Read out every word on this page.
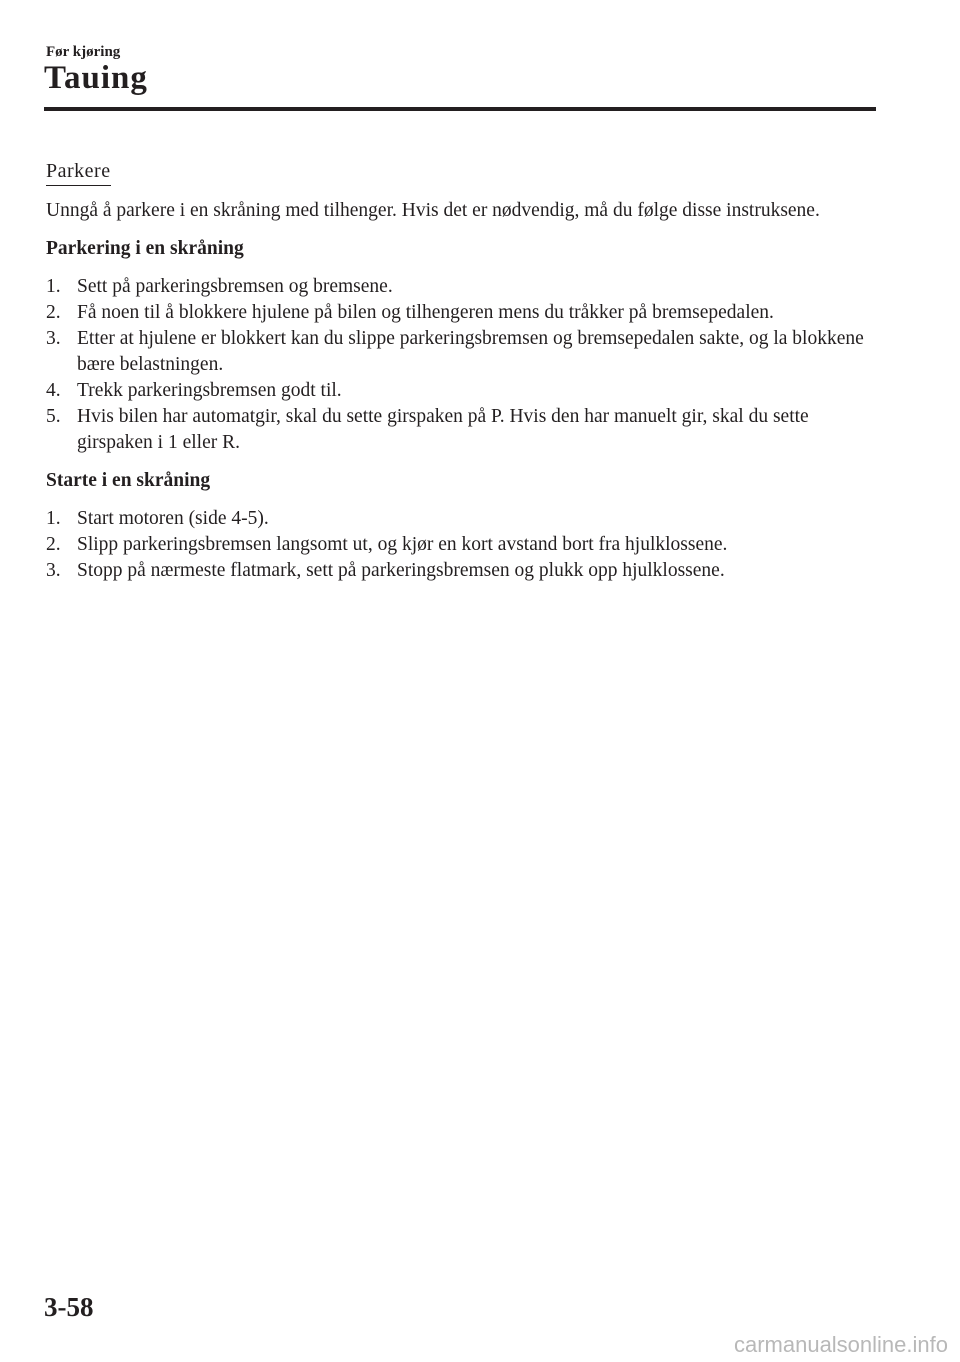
Før kjøring
Tauing
Parkere

Unngå å parkere i en skråning med tilhenger. Hvis det er nødvendig, må du følge disse instruksene.

Parkering i en skråning
1. Sett på parkeringsbremsen og bremsene.
2. Få noen til å blokkere hjulene på bilen og tilhengeren mens du tråkker på bremsepedalen.
3. Etter at hjulene er blokkert kan du slippe parkeringsbremsen og bremsepedalen sakte, og la blokkene bære belastningen.
4. Trekk parkeringsbremsen godt til.
5. Hvis bilen har automatgir, skal du sette girspaken på P. Hvis den har manuelt gir, skal du sette girspaken i 1 eller R.
Starte i en skråning
1. Start motoren (side 4-5).
2. Slipp parkeringsbremsen langsomt ut, og kjør en kort avstand bort fra hjulklossene.
3. Stopp på nærmeste flatmark, sett på parkeringsbremsen og plukk opp hjulklossene.
3-58
carmanualsonline.info
